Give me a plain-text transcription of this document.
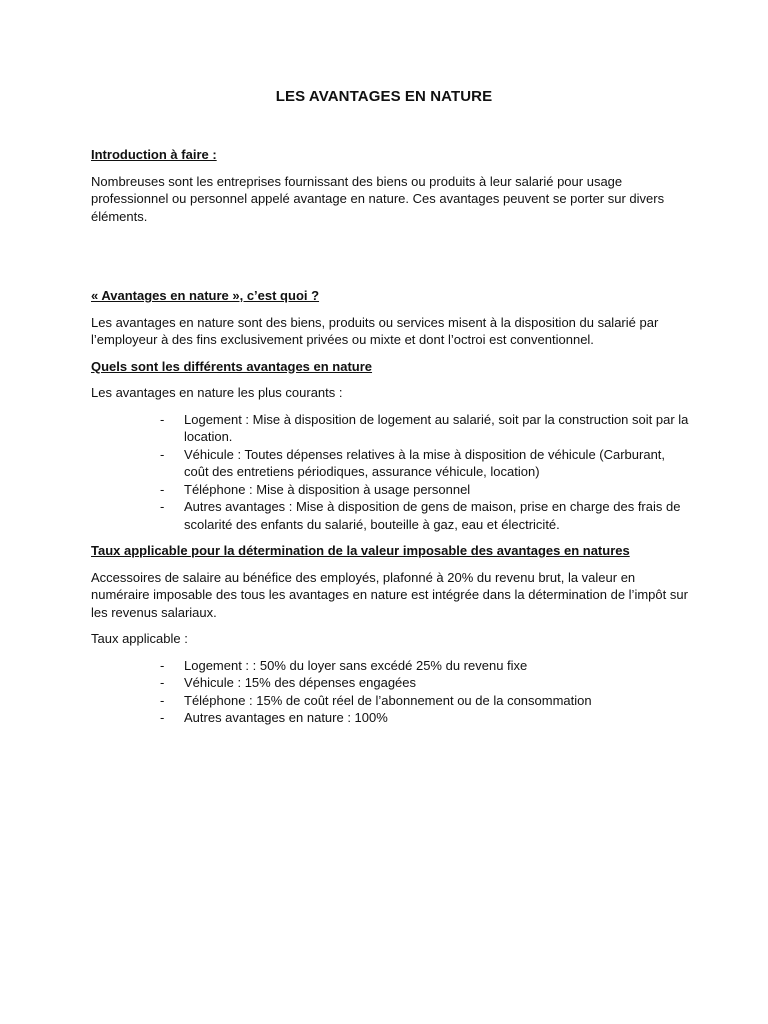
LES AVANTAGES EN NATURE

Introduction à faire :

Nombreuses sont les entreprises fournissant des biens ou produits à leur salarié pour usage professionnel ou personnel appelé avantage en nature. Ces avantages peuvent se porter sur divers éléments.

« Avantages en nature », c’est quoi ?

Les avantages en nature sont des biens, produits ou services misent à la disposition du salarié par l’employeur à des fins exclusivement privées ou mixte et dont l’octroi est conventionnel.

Quels sont les différents avantages en nature

Les avantages en nature les plus courants :

- Logement : Mise à disposition de logement au salarié, soit par la construction soit par la location.
- Véhicule : Toutes dépenses relatives à la mise à disposition de véhicule (Carburant, coût des entretiens périodiques, assurance véhicule, location)
- Téléphone : Mise à disposition à usage personnel
- Autres avantages : Mise à disposition de gens de maison, prise en charge des frais de scolarité des enfants du salarié, bouteille à gaz, eau et électricité.

Taux applicable pour la détermination de la valeur imposable des avantages en natures

Accessoires de salaire au bénéfice des employés, plafonné à 20% du revenu brut, la valeur en numéraire imposable des tous les avantages en nature est intégrée dans la détermination de l’impôt sur les revenus salariaux.

Taux applicable :

- Logement : : 50% du loyer sans excédé 25% du revenu fixe
- Véhicule : 15% des dépenses engagées
- Téléphone : 15% de coût réel de l’abonnement ou de la consommation
- Autres avantages en nature : 100%
